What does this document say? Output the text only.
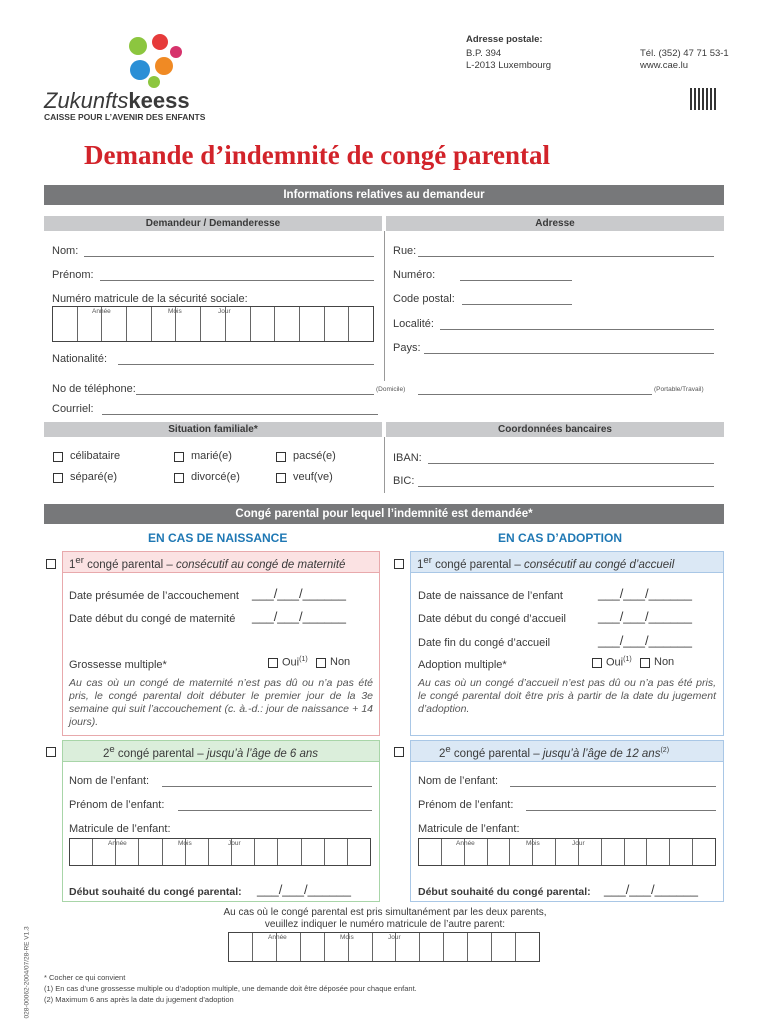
Zukunftskeess
CAISSE POUR L’AVENIR DES ENFANTS
Adresse postale:
B.P. 394
L-2013 Luxembourg
Tél. (352) 47 71 53-1
www.cae.lu
Demande d’indemnité de congé parental
Informations relatives au demandeur
Demandeur / Demanderesse	Adresse
Nom:
Prénom:
Numéro matricule de la sécurité sociale:
Année	Mois	Jour
Nationalité:
Rue:
Numéro:
Code postal:
Localité:
Pays:
No de téléphone:	(Domicile)	(Portable/Travail)
Courriel:
Situation familiale*	Coordonnées bancaires
célibataire	marié(e)	pacsé(e)
séparé(e)	divorcé(e)	veuf(ve)
IBAN:
BIC:
Congé parental pour lequel l’indemnité est demandée*
EN CAS DE NAISSANCE	EN CAS D’ADOPTION
1er congé parental – consécutif au congé de maternité
Date présumée de l’accouchement ___/___/______
Date début du congé de maternité ___/___/______
Grossesse multiple*	Oui$^{(1)}$ Non
Au cas où un congé de maternité n’est pas dû ou n’a pas été pris, le congé parental doit débuter le premier jour de la 3e semaine qui suit l’accouchement (c. à.-d.: jour de naissance + 14 jours).
1er congé parental – consécutif au congé d’accueil
Date de naissance de l’enfant	___/___/______
Date début du congé d’accueil ___/___/______
Date fin du congé d’accueil	___/___/______
Adoption multiple*	Oui$^{(1)}$ Non
Au cas où un congé d’accueil n’est pas dû ou n’a pas été pris, le congé parental doit être pris à partir de la date du jugement d’adoption.
2e congé parental – jusqu’à l’âge de 6 ans
Nom de l’enfant:
Prénom de l’enfant:
Matricule de l’enfant:
Année	Mois	Jour
Début souhaité du congé parental: ___/___/______
2e congé parental – jusqu’à l’âge de 12 ans$^{(2)}$
Nom de l’enfant:
Prénom de l’enfant:
Matricule de l’enfant:
Année	Mois	Jour
Début souhaité du congé parental: ___/___/______
Au cas où le congé parental est pris simultanément par les deux parents,
veuillez indiquer le numéro matricule de l’autre parent:
Année	Mois	Jour
* Cocher ce qui convient
(1) En cas d’une grossesse multiple ou d’adoption multiple, une demande doit être déposée pour chaque enfant.
(2) Maximum 6 ans après la date du jugement d’adoption
028-00062-2004/07/28-RE V1.3
